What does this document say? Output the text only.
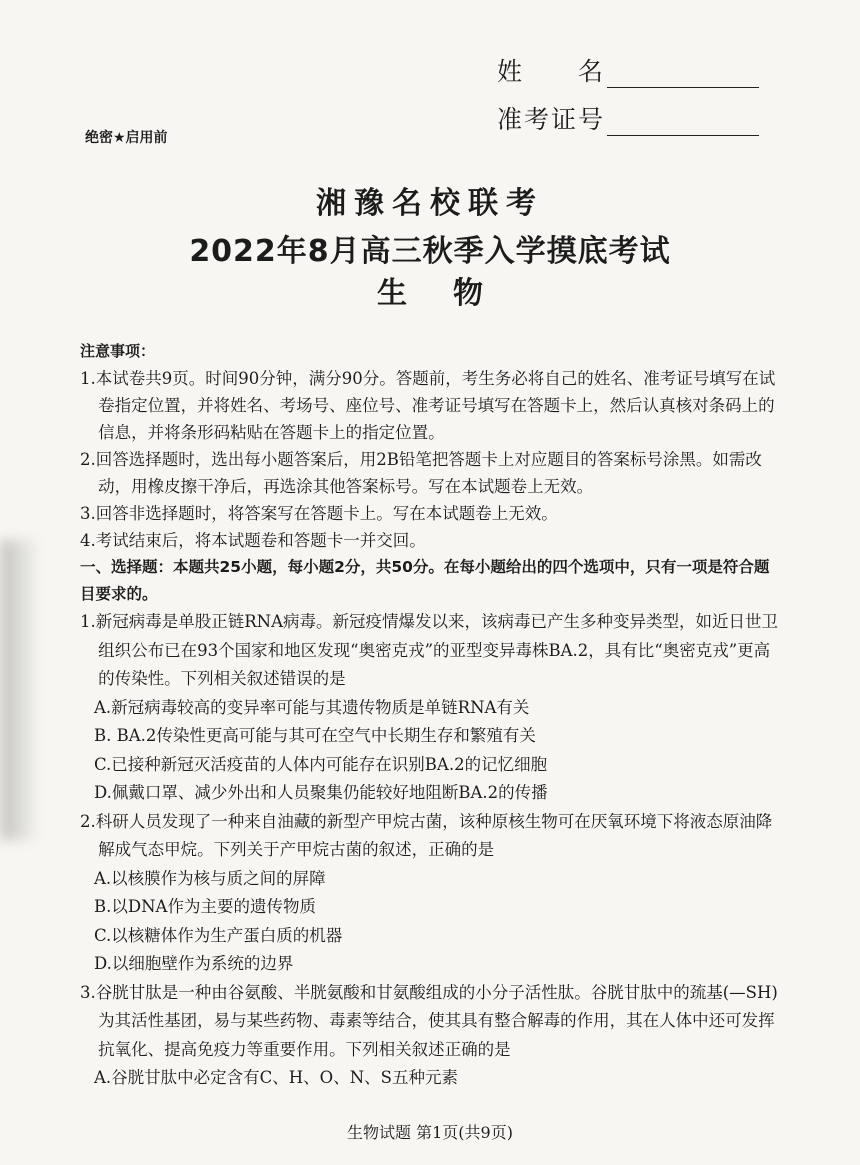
姓　　名
准考证号
绝密★启用前
湘豫名校联考
2022年8月高三秋季入学摸底考试
生物
注意事项：

1.本试卷共9页。时间90分钟，满分90分。答题前，考生务必将自己的姓名、准考证号填写在试卷指定位置，并将姓名、考场号、座位号、准考证号填写在答题卡上，然后认真核对条码上的信息，并将条形码粘贴在答题卡上的指定位置。

2.回答选择题时，选出每小题答案后，用2B铅笔把答题卡上对应题目的答案标号涂黑。如需改动，用橡皮擦干净后，再选涂其他答案标号。写在本试题卷上无效。

3.回答非选择题时，将答案写在答题卡上。写在本试题卷上无效。

4.考试结束后，将本试题卷和答题卡一并交回。

一、选择题：本题共25小题，每小题2分，共50分。在每小题给出的四个选项中，只有一项是符合题目要求的。

1.新冠病毒是单股正链RNA病毒。新冠疫情爆发以来，该病毒已产生多种变异类型，如近日世卫组织公布已在93个国家和地区发现“奥密克戎”的亚型变异毒株BA.2，具有比“奥密克戎”更高的传染性。下列相关叙述错误的是

A.新冠病毒较高的变异率可能与其遗传物质是单链RNA有关

B. BA.2传染性更高可能与其可在空气中长期生存和繁殖有关

C.已接种新冠灭活疫苗的人体内可能存在识别BA.2的记忆细胞

D.佩戴口罩、减少外出和人员聚集仍能较好地阻断BA.2的传播

2.科研人员发现了一种来自油藏的新型产甲烷古菌，该种原核生物可在厌氧环境下将液态原油降解成气态甲烷。下列关于产甲烷古菌的叙述，正确的是

A.以核膜作为核与质之间的屏障

B.以DNA作为主要的遗传物质

C.以核糖体作为生产蛋白质的机器

D.以细胞壁作为系统的边界

3.谷胱甘肽是一种由谷氨酸、半胱氨酸和甘氨酸组成的小分子活性肽。谷胱甘肽中的巯基(—SH)为其活性基团，易与某些药物、毒素等结合，使其具有整合解毒的作用，其在人体中还可发挥抗氧化、提高免疫力等重要作用。下列相关叙述正确的是

A.谷胱甘肽中必定含有C、H、O、N、S五种元素

生物试题 第1页(共9页)
